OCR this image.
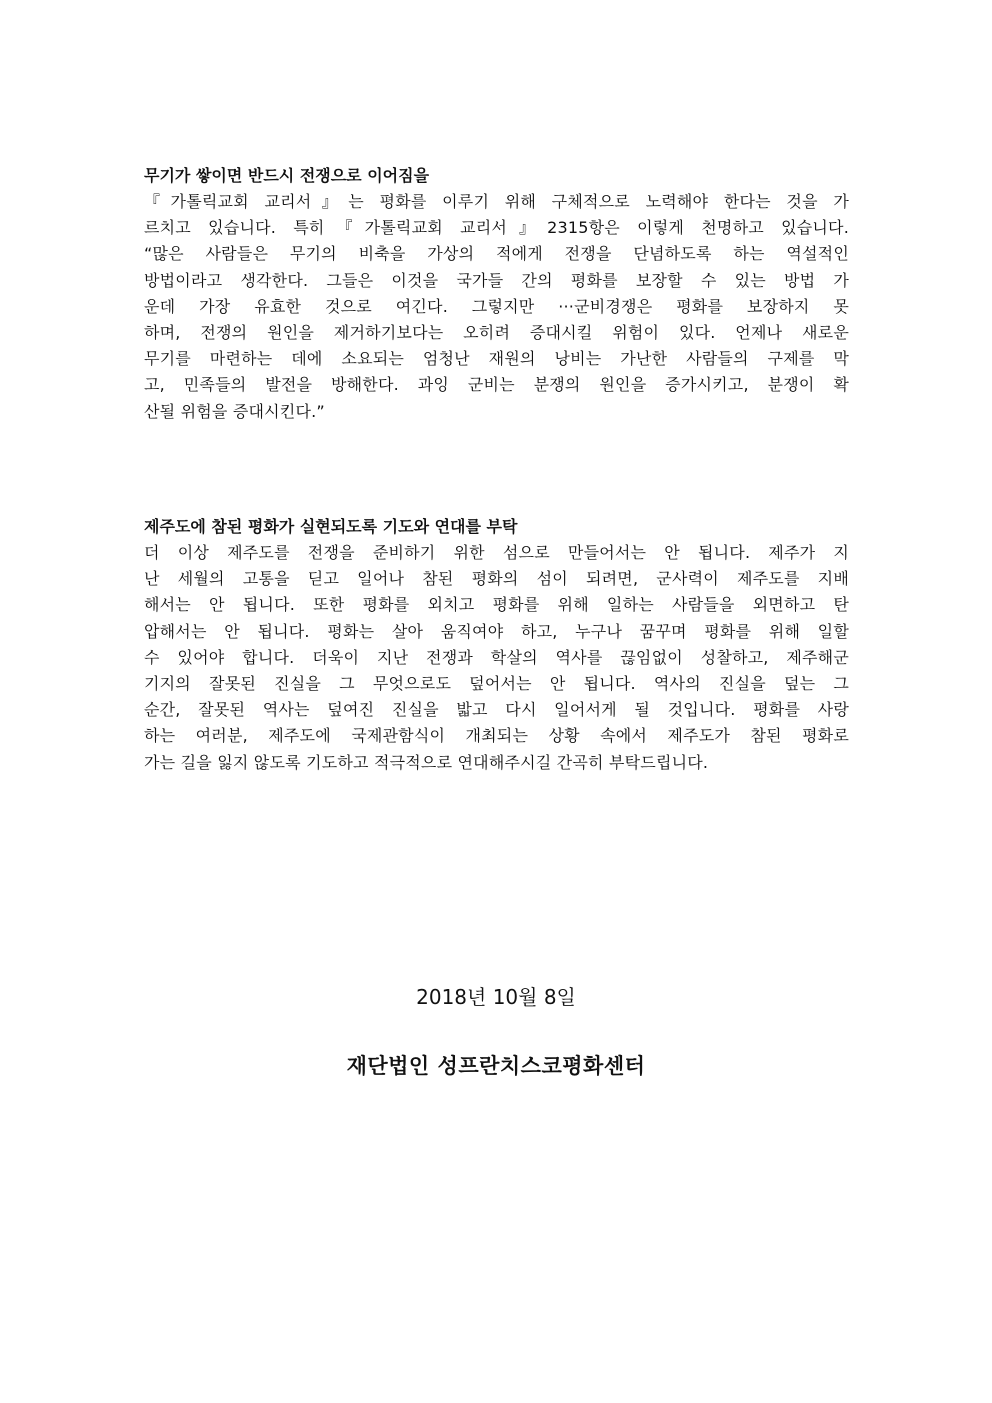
무기가 쌓이면 반드시 전쟁으로 이어짐을
『가톨릭교회 교리서』는 평화를 이루기 위해 구체적으로 노력해야 한다는 것을 가
르치고 있습니다. 특히『가톨릭교회 교리서』2315항은 이렇게 천명하고 있습니다.
“많은 사람들은 무기의 비축을 가상의 적에게 전쟁을 단념하도록 하는 역설적인
방법이라고 생각한다. 그들은 이것을 국가들 간의 평화를 보장할 수 있는 방법 가
운데 가장 유효한 것으로 여긴다. 그렇지만 ···군비경쟁은 평화를 보장하지 못
하며, 전쟁의 원인을 제거하기보다는 오히려 증대시킬 위험이 있다. 언제나 새로운
무기를 마련하는 데에 소요되는 엄청난 재원의 낭비는 가난한 사람들의 구제를 막
고, 민족들의 발전을 방해한다. 과잉 군비는 분쟁의 원인을 증가시키고, 분쟁이 확
산될 위험을 증대시킨다.”
제주도에 참된 평화가 실현되도록 기도와 연대를 부탁
더 이상 제주도를 전쟁을 준비하기 위한 섬으로 만들어서는 안 됩니다. 제주가 지
난 세월의 고통을 딛고 일어나 참된 평화의 섬이 되려면, 군사력이 제주도를 지배
해서는 안 됩니다. 또한 평화를 외치고 평화를 위해 일하는 사람들을 외면하고 탄
압해서는 안 됩니다. 평화는 살아 움직여야 하고, 누구나 꿈꾸며 평화를 위해 일할
수 있어야 합니다. 더욱이 지난 전쟁과 학살의 역사를 끊임없이 성찰하고, 제주해군
기지의 잘못된 진실을 그 무엇으로도 덮어서는 안 됩니다. 역사의 진실을 덮는 그
순간, 잘못된 역사는 덮여진 진실을 밟고 다시 일어서게 될 것입니다. 평화를 사랑
하는 여러분, 제주도에 국제관함식이 개최되는 상황 속에서 제주도가 참된 평화로
가는 길을 잃지 않도록 기도하고 적극적으로 연대해주시길 간곡히 부탁드립니다.
2018년 10월 8일
재단법인 성프란치스코평화센터
